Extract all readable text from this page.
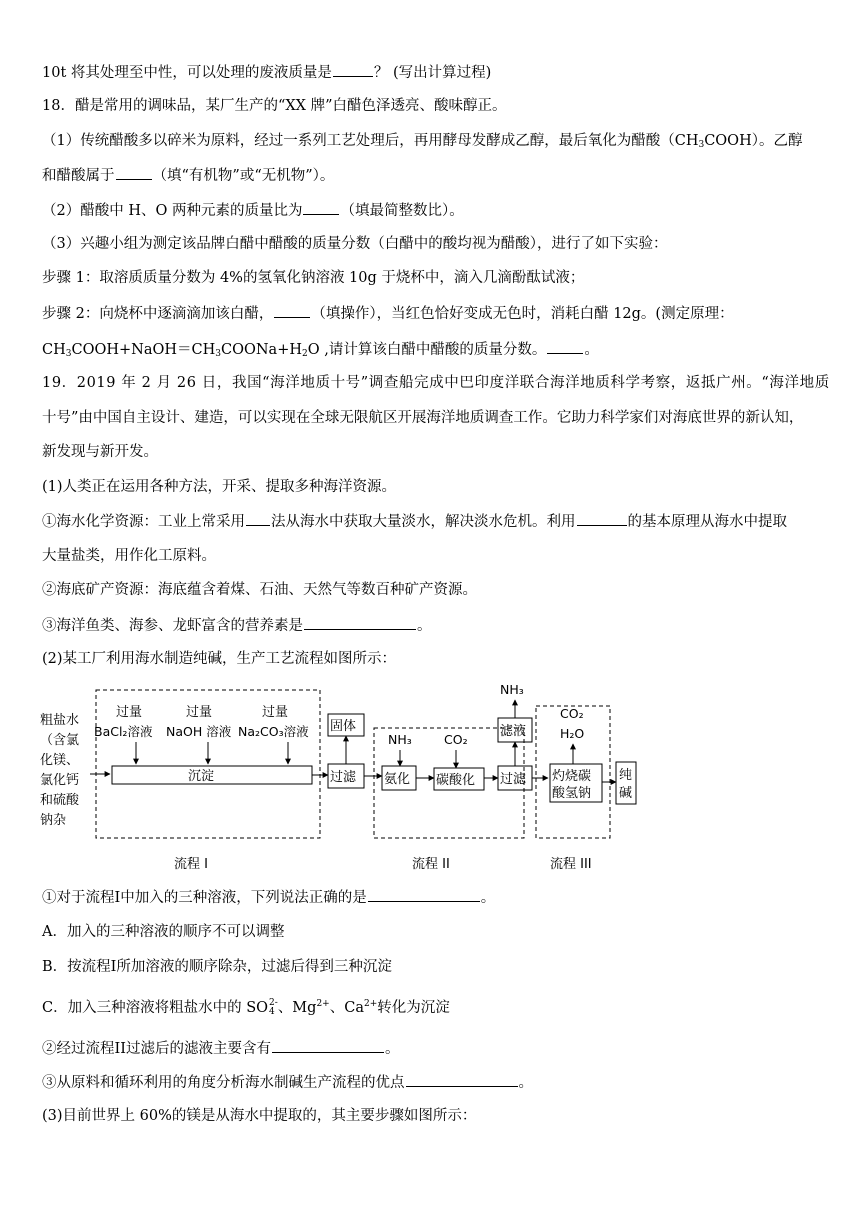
10t 将其处理至中性，可以处理的废液质量是	？ (写出计算过程)
18．醋是常用的调味品，某厂生产的“XX 牌”白醋色泽透亮、酸味醇正。
（1）传统醋酸多以碎米为原料，经过一系列工艺处理后，再用酵母发酵成乙醇，最后氧化为醋酸$(CH_3COOH)$。乙醇
和醋酸属于	（填“有机物”或“无机物”）。
（2）醋酸中 H、O 两种元素的质量比为	（填最简整数比）。
（3）兴趣小组为测定该品牌白醋中醋酸的质量分数（白醋中的酸均视为醋酸），进行了如下实验：
步骤 1：取溶质质量分数为 4%的氢氧化钠溶液 10g 于烧杯中，滴入几滴酚酞试液；
步骤 2：向烧杯中逐滴滴加该白醋，	（填操作），当红色恰好变成无色时，消耗白醋 12g。(测定原理：
$CH_3COOH+NaOH=CH_3COONa+H_2O$ ,请计算该白醋中醋酸的质量分数。	。
19．2019 年 2 月 26 日，我国“海洋地质十号”调查船完成中巴印度洋联合海洋地质科学考察，返抵广州。“海洋地质
十号”由中国自主设计、建造，可以实现在全球无限航区开展海洋地质调查工作。它助力科学家们对海底世界的新认知，
新发现与新开发。
(1)人类正在运用各种方法，开采、提取多种海洋资源。
①海水化学资源：工业上常采用 法从海水中获取大量淡水，解决淡水危机。利用	的基本原理从海水中提取
大量盐类，用作化工原料。
②海底矿产资源：海底蕴含着煤、石油、天然气等数百种矿产资源。
③海洋鱼类、海参、龙虾富含的营养素是	。
(2)某工厂利用海水制造纯碱，生产工艺流程如图所示：
粗盐水
（含氯
化镁、
氯化钙
和硫酸
钠杂
过量
BaCl₂溶液
过量
NaOH 溶液
过量
Na₂CO₃溶液
沉淀	过滤
固体
NH₃
氨化
CO₂
碳酸化 过滤
滤液
NH₃
CO₂
H₂O
灼烧碳
酸氢钠
纯
碱
流程 I	流程 II	流程 III
①对于流程I中加入的三种溶液，下列说法正确的是	。
A．加入的三种溶液的顺序不可以调整
B．按流程I所加溶液的顺序除杂，过滤后得到三种沉淀
C．加入三种溶液将粗盐水中的 SO 2-
4 、$Mg^{2+}$、$Ca^{2+}$转化为沉淀
②经过流程II过滤后的滤液主要含有	。
③从原料和循环利用的角度分析海水制碱生产流程的优点	。
(3)目前世界上 60%的镁是从海水中提取的，其主要步骤如图所示：
